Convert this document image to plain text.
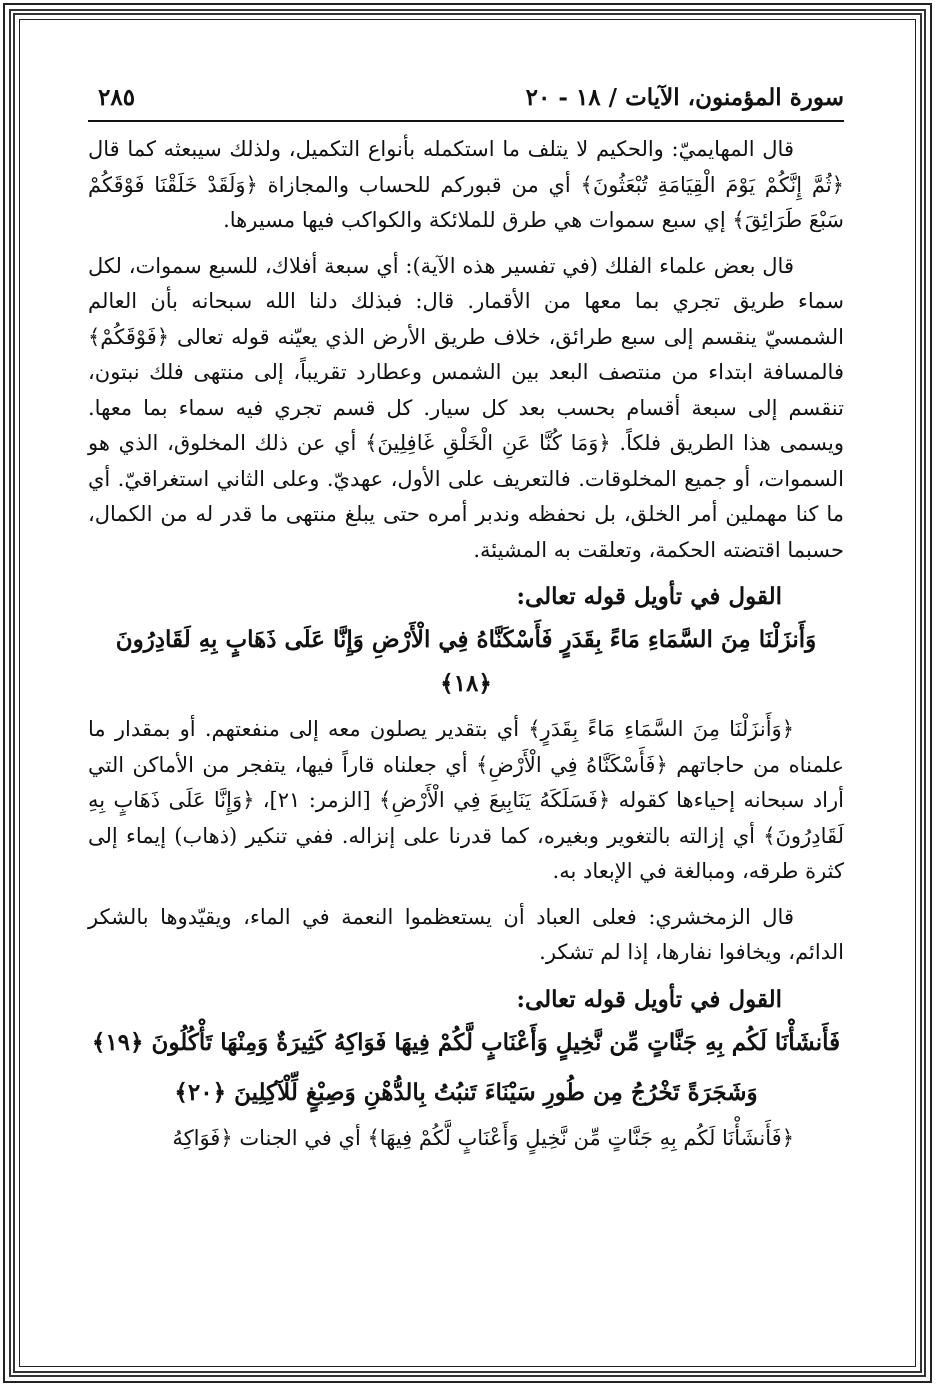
سورة المؤمنون، الآيات / ١٨ - ٢٠
٢٨٥

قال المهايميّ: والحكيم لا يتلف ما استكمله بأنواع التكميل، ولذلك سيبعثه كما قال ﴿ثُمَّ إِنَّكُمْ يَوْمَ الْقِيَامَةِ تُبْعَثُونَ﴾ أي من قبوركم للحساب والمجازاة ﴿وَلَقَدْ خَلَقْنَا فَوْقَكُمْ سَبْعَ طَرَائِقَ﴾ إي سبع سموات هي طرق للملائكة والكواكب فيها مسيرها.

قال بعض علماء الفلك (في تفسير هذه الآية): أي سبعة أفلاك، للسبع سموات، لكل سماء طريق تجري بما معها من الأقمار. قال: فبذلك دلنا الله سبحانه بأن العالم الشمسيّ ينقسم إلى سبع طرائق، خلاف طريق الأرض الذي يعيّنه قوله تعالى ﴿فَوْقَكُمْ﴾ فالمسافة ابتداء من منتصف البعد بين الشمس وعطارد تقريباً، إلى منتهى فلك نبتون، تنقسم إلى سبعة أقسام بحسب بعد كل سيار. كل قسم تجري فيه سماء بما معها. ويسمى هذا الطريق فلكاً. ﴿وَمَا كُنَّا عَنِ الْخَلْقِ غَافِلِينَ﴾ أي عن ذلك المخلوق، الذي هو السموات، أو جميع المخلوقات. فالتعريف على الأول، عهديّ. وعلى الثاني استغراقيّ. أي ما كنا مهملين أمر الخلق، بل نحفظه وندبر أمره حتى يبلغ منتهى ما قدر له من الكمال، حسبما اقتضته الحكمة، وتعلقت به المشيئة.

القول في تأويل قوله تعالى:
وَأَنزَلْنَا مِنَ السَّمَاءِ مَاءً بِقَدَرٍ فَأَسْكَنَّاهُ فِي الْأَرْضِ وَإِنَّا عَلَى ذَهَابٍ بِهِ لَقَادِرُونَ ﴿١٨﴾

﴿وَأَنزَلْنَا مِنَ السَّمَاءِ مَاءً بِقَدَرٍ﴾ أي بتقدير يصلون معه إلى منفعتهم. أو بمقدار ما علمناه من حاجاتهم ﴿فَأَسْكَنَّاهُ فِي الْأَرْضِ﴾ أي جعلناه قاراً فيها، يتفجر من الأماكن التي أراد سبحانه إحياءها كقوله ﴿فَسَلَكَهُ يَنَابِيعَ فِي الْأَرْضِ﴾ [الزمر: ٢١]، ﴿وَإِنَّا عَلَى ذَهَابٍ بِهِ لَقَادِرُونَ﴾ أي إزالته بالتغوير وبغيره، كما قدرنا على إنزاله. ففي تنكير (ذهاب) إيماء إلى كثرة طرقه، ومبالغة في الإبعاد به.

قال الزمخشري: فعلى العباد أن يستعظموا النعمة في الماء، ويقيّدوها بالشكر الدائم، ويخافوا نفارها، إذا لم تشكر.

القول في تأويل قوله تعالى:
فَأَنشَأْنَا لَكُم بِهِ جَنَّاتٍ مِّن نَّخِيلٍ وَأَعْنَابٍ لَّكُمْ فِيهَا فَوَاكِهُ كَثِيرَةٌ وَمِنْهَا تَأْكُلُونَ ﴿١٩﴾
وَشَجَرَةً تَخْرُجُ مِن طُورِ سَيْنَاءَ تَنبُتُ بِالدُّهْنِ وَصِبْغٍ لِّلْآكِلِينَ ﴿٢٠﴾

﴿فَأَنشَأْنَا لَكُم بِهِ جَنَّاتٍ مِّن نَّخِيلٍ وَأَعْنَابٍ لَّكُمْ فِيهَا﴾ أي في الجنات ﴿فَوَاكِهُ
